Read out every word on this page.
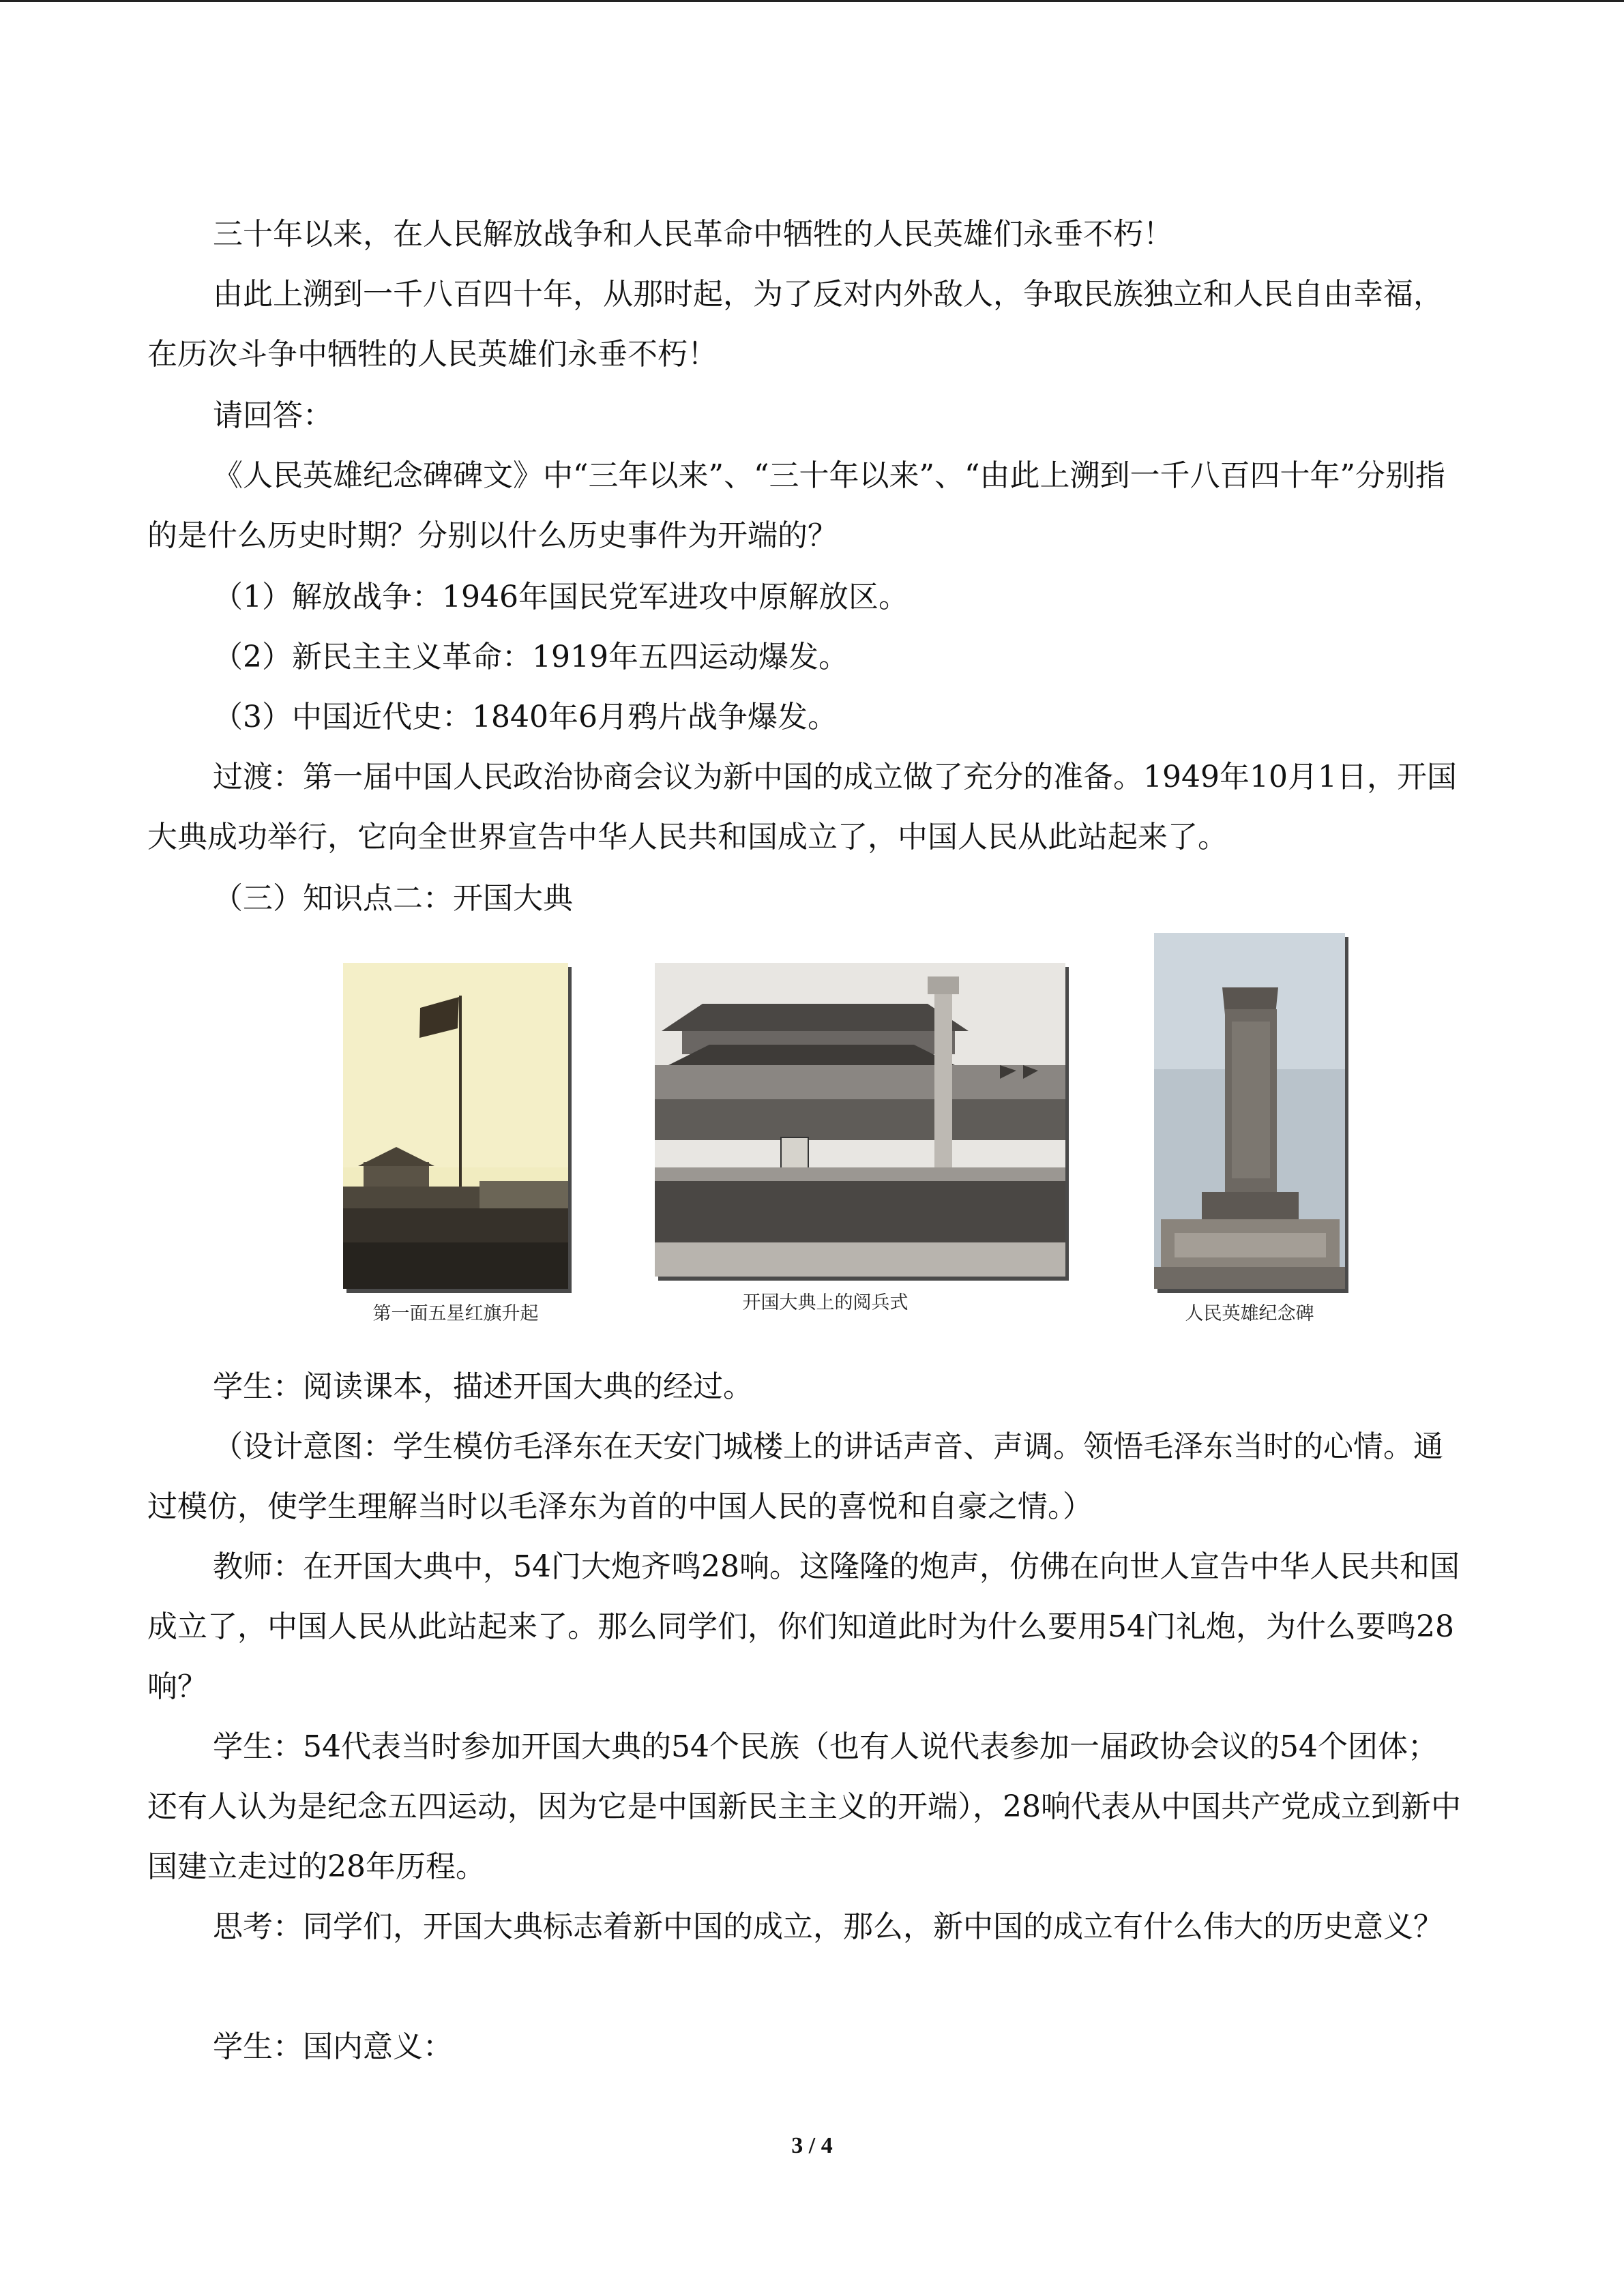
三十年以来，在人民解放战争和人民革命中牺牲的人民英雄们永垂不朽！

由此上溯到一千八百四十年，从那时起，为了反对内外敌人，争取民族独立和人民自由幸福，在历次斗争中牺牲的人民英雄们永垂不朽！

请回答：

《人民英雄纪念碑碑文》中“三年以来”、“三十年以来”、“由此上溯到一千八百四十年”分别指的是什么历史时期？分别以什么历史事件为开端的？

（1）解放战争：1946年国民党军进攻中原解放区。

（2）新民主主义革命：1919年五四运动爆发。

（3）中国近代史：1840年6月鸦片战争爆发。

过渡：第一届中国人民政治协商会议为新中国的成立做了充分的准备。1949年10月1日，开国大典成功举行，它向全世界宣告中华人民共和国成立了，中国人民从此站起来了。

（三）知识点二：开国大典

第一面五星红旗升起
开国大典上的阅兵式
人民英雄纪念碑

学生：阅读课本，描述开国大典的经过。

（设计意图：学生模仿毛泽东在天安门城楼上的讲话声音、声调。领悟毛泽东当时的心情。通过模仿，使学生理解当时以毛泽东为首的中国人民的喜悦和自豪之情。）

教师：在开国大典中，54门大炮齐鸣28响。这隆隆的炮声，仿佛在向世人宣告中华人民共和国成立了，中国人民从此站起来了。那么同学们，你们知道此时为什么要用54门礼炮，为什么要鸣28响？

学生：54代表当时参加开国大典的54个民族（也有人说代表参加一届政协会议的54个团体；还有人认为是纪念五四运动，因为它是中国新民主主义的开端），28响代表从中国共产党成立到新中国建立走过的28年历程。

思考：同学们，开国大典标志着新中国的成立，那么，新中国的成立有什么伟大的历史意义？

学生：国内意义：

3 / 4
